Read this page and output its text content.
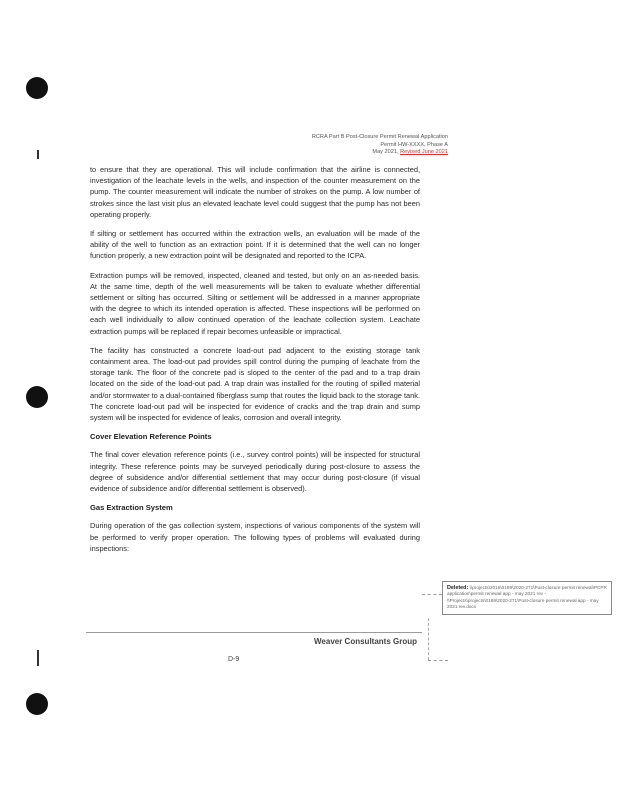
RCRA Part B Post-Closure Permit Renewal Application
Permit HW-XXXX, Phase A
May 2021, Revised June 2021

to ensure that they are operational. This will include confirmation that the airline is connected, investigation of the leachate levels in the wells, and inspection of the counter measurement on the pump. The counter measurement will indicate the number of strokes on the pump. A low number of strokes since the last visit plus an elevated leachate level could suggest that the pump has not been operating properly.

If silting or settlement has occurred within the extraction wells, an evaluation will be made of the ability of the well to function as an extraction point. If it is determined that the well can no longer function properly, a new extraction point will be designated and reported to the ICPA.

Extraction pumps will be removed, inspected, cleaned and tested, but only on an as-needed basis. At the same time, depth of the well measurements will be taken to evaluate whether differential settlement or silting has occurred. Silting or settlement will be addressed in a manner appropriate with the degree to which its intended operation is affected. These inspections will be performed on each well individually to allow continued operation of the leachate collection system. Leachate extraction pumps will be replaced if repair becomes unfeasible or impractical.

The facility has constructed a concrete load-out pad adjacent to the existing storage tank containment area. The load-out pad provides spill control during the pumping of leachate from the storage tank. The floor of the concrete pad is sloped to the center of the pad and to a trap drain located on the side of the load-out pad. A trap drain was installed for the routing of spilled material and/or stormwater to a dual-contained fiberglass sump that routes the liquid back to the storage tank. The concrete load-out pad will be inspected for evidence of cracks and the trap drain and sump system will be inspected for evidence of leaks, corrosion and overall integrity.

Cover Elevation Reference Points

The final cover elevation reference points (i.e., survey control points) will be inspected for structural integrity. These reference points may be surveyed periodically during post-closure to assess the degree of subsidence and/or differential settlement that may occur during post-closure (if visual evidence of subsidence and/or differential settlement is observed).

Gas Extraction System

During operation of the gas collection system, inspections of various components of the system will be performed to verify proper operation. The following types of problems will evaluated during inspections:

Deleted: \\projects\2016\0189\2020-271\Post-closure permit renewal\PCPR application\permit renewal app - may 2021 rev - \\Projects\projects\0189\2020-271\Post-closure permit renewal app - may 2021 rev.docx
Weaver Consultants Group
D-9
